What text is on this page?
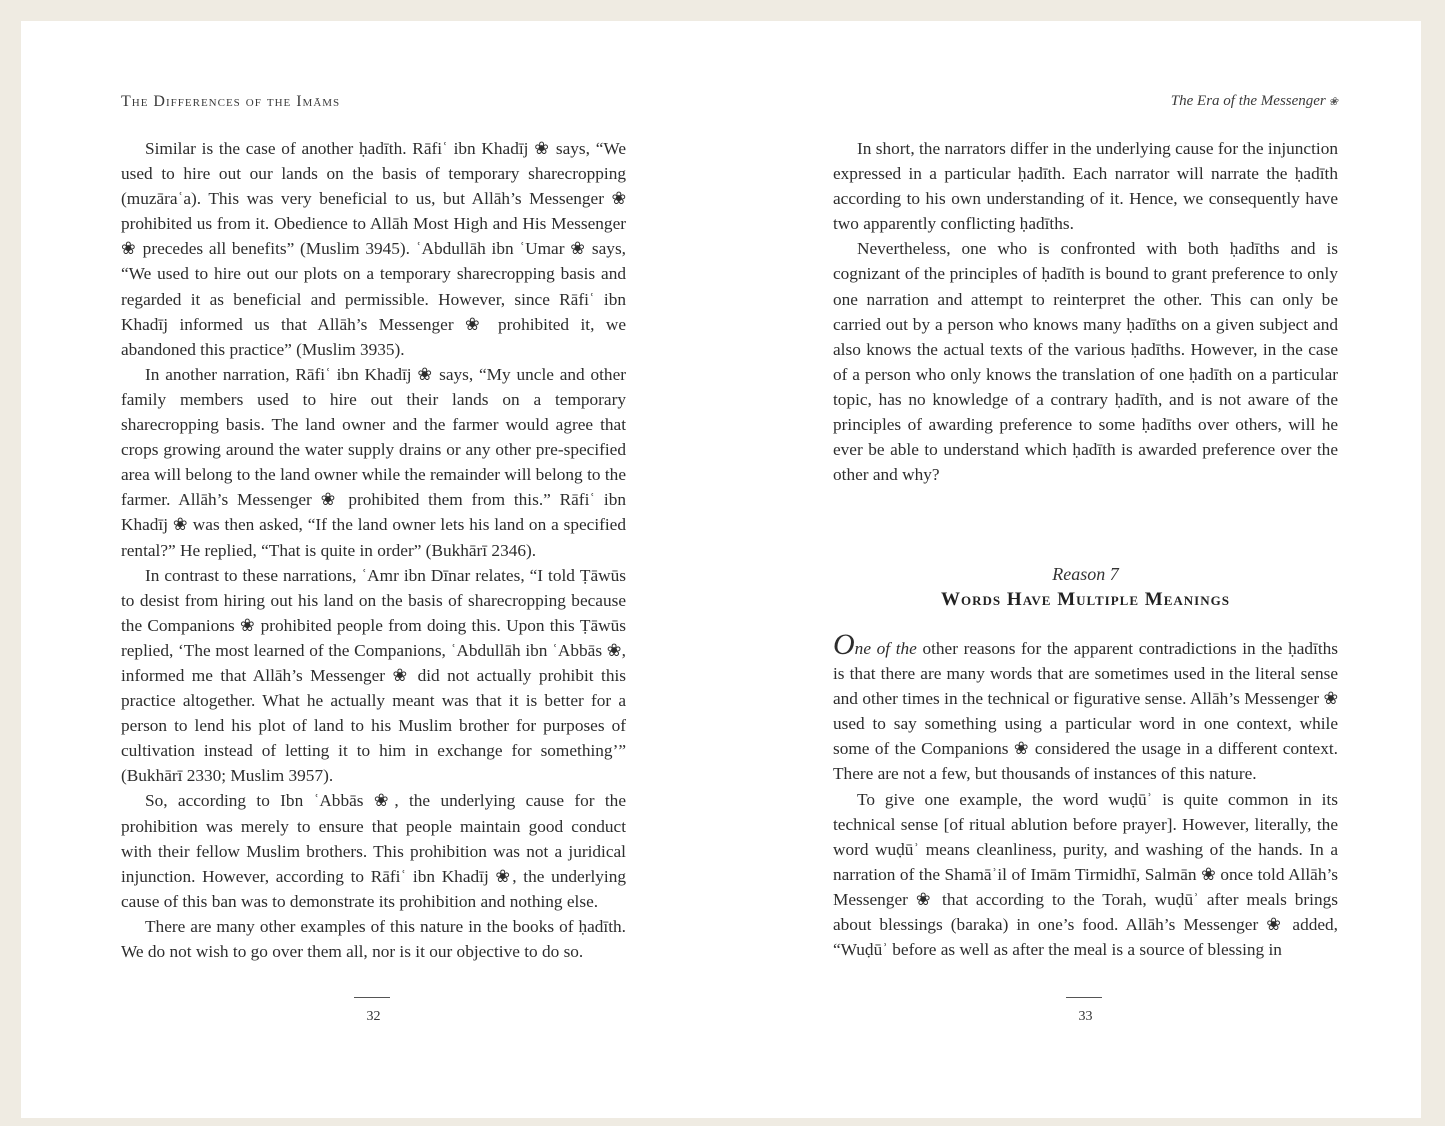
The Differences of the Imāms

Similar is the case of another ḥadīth. Rāfiʿ ibn Khadīj ❀ says, “We used to hire out our lands on the basis of temporary sharecropping (muzāraʿa). This was very beneficial to us, but Allāh’s Messenger ❀ prohibited us from it. Obedience to Allāh Most High and His Messenger ❀ precedes all benefits” (Muslim 3945). ʿAbdullāh ibn ʿUmar ❀ says, “We used to hire out our plots on a temporary sharecropping basis and regarded it as beneficial and permissible. However, since Rāfiʿ ibn Khadīj informed us that Allāh’s Messenger ❀ prohibited it, we abandoned this practice” (Muslim 3935).

In another narration, Rāfiʿ ibn Khadīj ❀ says, “My uncle and other family members used to hire out their lands on a temporary sharecropping basis. The land owner and the farmer would agree that crops growing around the water supply drains or any other pre-specified area will belong to the land owner while the remainder will belong to the farmer. Allāh’s Messenger ❀ prohibited them from this.” Rāfiʿ ibn Khadīj ❀ was then asked, “If the land owner lets his land on a specified rental?” He replied, “That is quite in order” (Bukhārī 2346).

In contrast to these narrations, ʿAmr ibn Dīnar relates, “I told Ṭāwūs to desist from hiring out his land on the basis of sharecropping because the Companions ❀ prohibited people from doing this. Upon this Ṭāwūs replied, ‘The most learned of the Companions, ʿAbdullāh ibn ʿAbbās ❀, informed me that Allāh’s Messenger ❀ did not actually prohibit this practice altogether. What he actually meant was that it is better for a person to lend his plot of land to his Muslim brother for purposes of cultivation instead of letting it to him in exchange for something’” (Bukhārī 2330; Muslim 3957).

So, according to Ibn ʿAbbās ❀, the underlying cause for the prohibition was merely to ensure that people maintain good conduct with their fellow Muslim brothers. This prohibition was not a juridical injunction. However, according to Rāfiʿ ibn Khadīj ❀, the underlying cause of this ban was to demonstrate its prohibition and nothing else.

There are many other examples of this nature in the books of ḥadīth. We do not wish to go over them all, nor is it our objective to do so.

32
The Era of the Messenger ❀

In short, the narrators differ in the underlying cause for the injunction expressed in a particular ḥadīth. Each narrator will narrate the ḥadīth according to his own understanding of it. Hence, we consequently have two apparently conflicting ḥadīths.

Nevertheless, one who is confronted with both ḥadīths and is cognizant of the principles of ḥadīth is bound to grant preference to only one narration and attempt to reinterpret the other. This can only be carried out by a person who knows many ḥadīths on a given subject and also knows the actual texts of the various ḥadīths. However, in the case of a person who only knows the translation of one ḥadīth on a particular topic, has no knowledge of a contrary ḥadīth, and is not aware of the principles of awarding preference to some ḥadīths over others, will he ever be able to understand which ḥadīth is awarded preference over the other and why?

Reason 7
Words Have Multiple Meanings

One of the other reasons for the apparent contradictions in the ḥadīths is that there are many words that are sometimes used in the literal sense and other times in the technical or figurative sense. Allāh’s Messenger ❀ used to say something using a particular word in one context, while some of the Companions ❀ considered the usage in a different context. There are not a few, but thousands of instances of this nature.

To give one example, the word wuḍūʾ is quite common in its technical sense [of ritual ablution before prayer]. However, literally, the word wuḍūʾ means cleanliness, purity, and washing of the hands. In a narration of the Shamāʾil of Imām Tirmidhī, Salmān ❀ once told Allāh’s Messenger ❀ that according to the Torah, wuḍūʾ after meals brings about blessings (baraka) in one’s food. Allāh’s Messenger ❀ added, “Wuḍūʾ before as well as after the meal is a source of blessing in

33
